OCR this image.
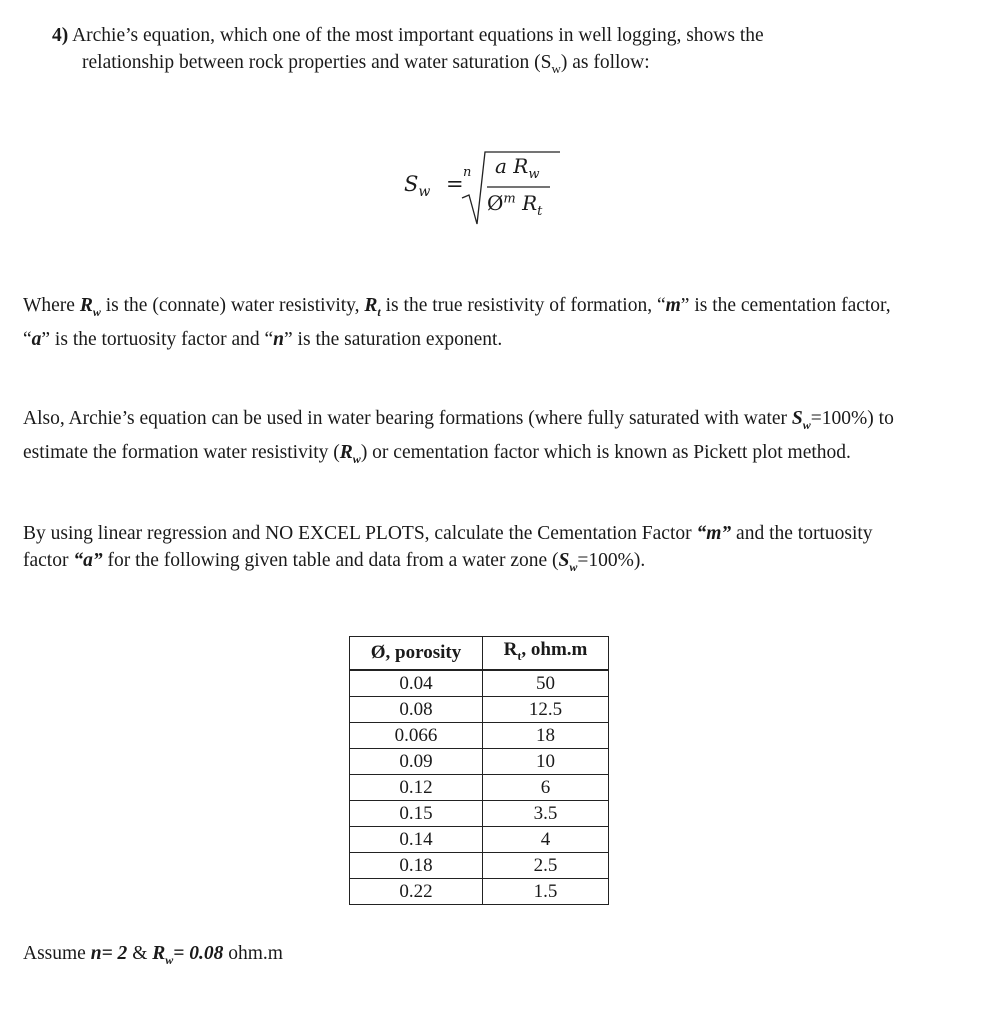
4) Archie’s equation, which one of the most important equations in well logging, shows the
relationship between rock properties and water saturation $(S_w)$ as follow:
$S_w = n$ a $R_w$
$Ø^m$ $R_t$
Where $R_w$ is the (connate) water resistivity, $R_t$ is the true resistivity of formation, “m” is the cementation factor,
“a” is the tortuosity factor and “n” is the saturation exponent.
Also, Archie’s equation can be used in water bearing formations (where fully saturated with water $S_w=100\%$) to
estimate the formation water resistivity $(R_w)$ or cementation factor which is known as Pickett plot method.
By using linear regression and NO EXCEL PLOTS, calculate the Cementation Factor “m” and the tortuosity
factor “a” for the following given table and data from a water zone $(S_w=100\%)$.
Ø, porosity	$R_t$, ohm.m
0.04	50
0.08	12.5
0.066	18
0.09	10
0.12	6
0.15	3.5
0.14	4
0.18	2.5
0.22	1.5
Assume n= 2 & $R_w= 0.08$ ohm.m
